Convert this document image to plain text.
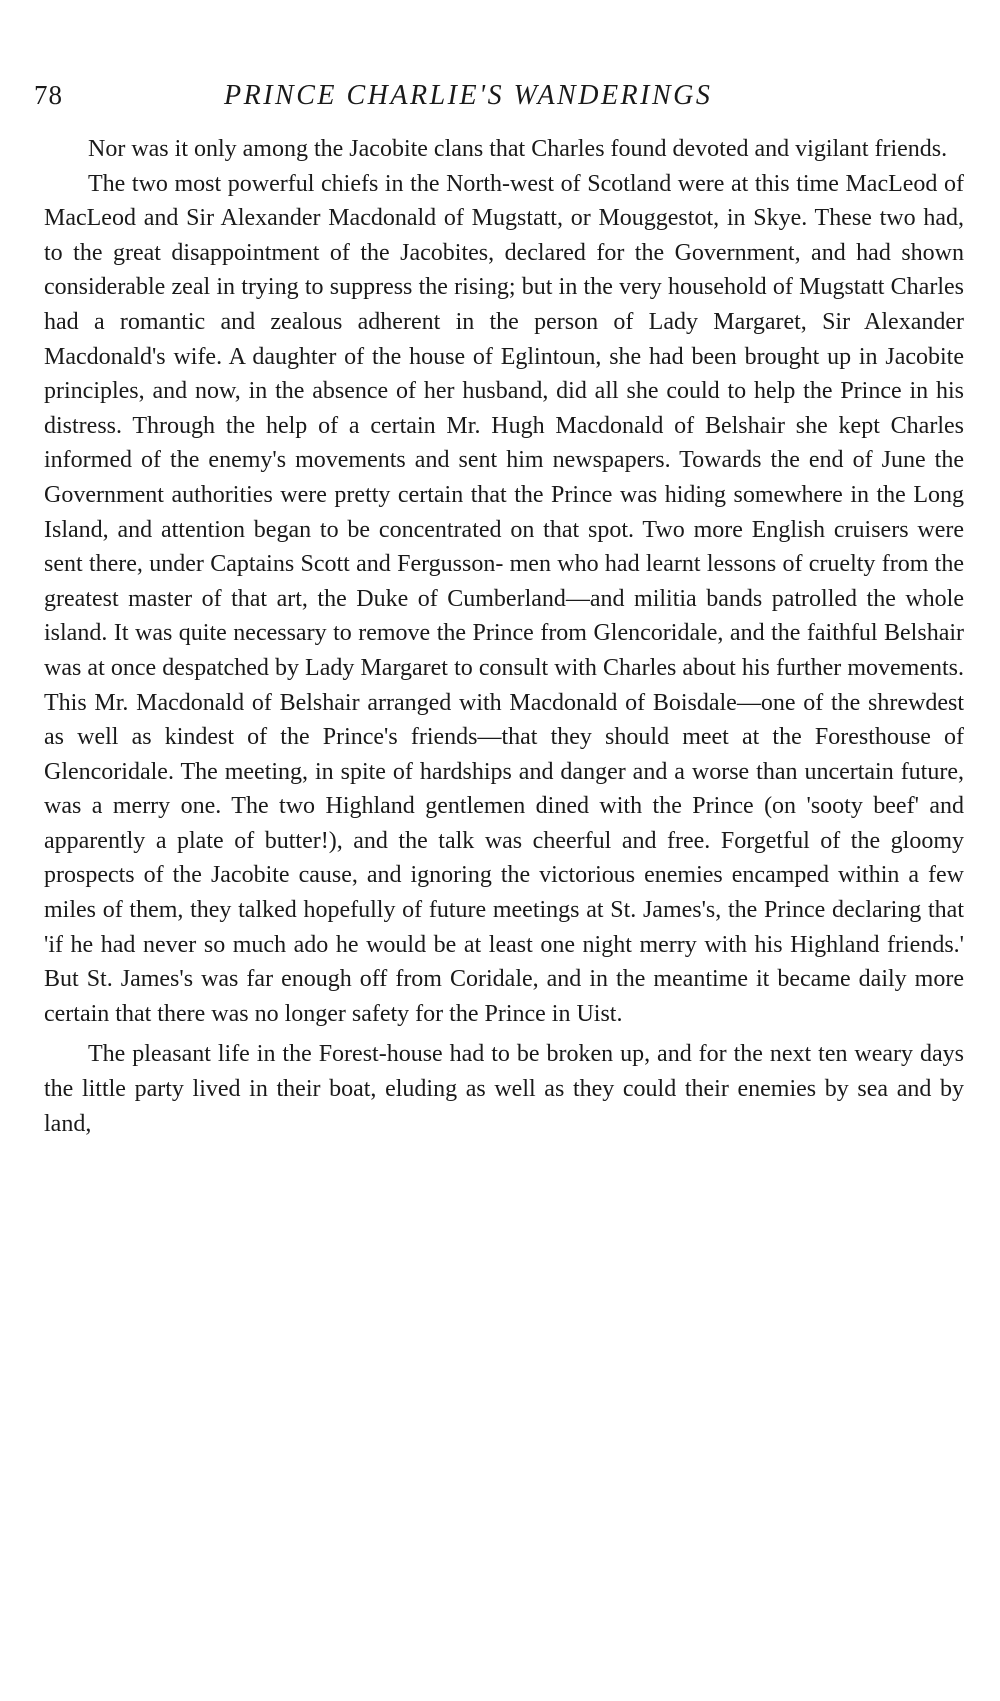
78	PRINCE CHARLIE'S WANDERINGS

Nor was it only among the Jacobite clans that Charles found devoted and vigilant friends.

The two most powerful chiefs in the North-west of Scotland were at this time MacLeod of MacLeod and Sir Alexander Macdonald of Mugstatt, or Mouggestot, in Skye. These two had, to the great disappointment of the Jacobites, declared for the Government, and had shown considerable zeal in trying to suppress the rising; but in the very household of Mugstatt Charles had a romantic and zealous adherent in the person of Lady Margaret, Sir Alexander Macdonald's wife. A daughter of the house of Eglintoun, she had been brought up in Jacobite principles, and now, in the absence of her husband, did all she could to help the Prince in his distress. Through the help of a certain Mr. Hugh Macdonald of Belshair she kept Charles informed of the enemy's movements and sent him newspapers. Towards the end of June the Government authorities were pretty certain that the Prince was hiding somewhere in the Long Island, and attention began to be concentrated on that spot. Two more English cruisers were sent there, under Captains Scott and Fergusson- men who had learnt lessons of cruelty from the greatest master of that art, the Duke of Cumberland—and militia bands patrolled the whole island. It was quite necessary to remove the Prince from Glencoridale, and the faithful Belshair was at once despatched by Lady Margaret to consult with Charles about his further movements. This Mr. Macdonald of Belshair arranged with Macdonald of Boisdale—one of the shrewdest as well as kindest of the Prince's friends—that they should meet at the Foresthouse of Glencoridale. The meeting, in spite of hardships and danger and a worse than uncertain future, was a merry one. The two Highland gentlemen dined with the Prince (on 'sooty beef' and apparently a plate of butter!), and the talk was cheerful and free. Forgetful of the gloomy prospects of the Jacobite cause, and ignoring the victorious enemies encamped within a few miles of them, they talked hopefully of future meetings at St. James's, the Prince declaring that 'if he had never so much ado he would be at least one night merry with his Highland friends.' But St. James's was far enough off from Coridale, and in the meantime it became daily more certain that there was no longer safety for the Prince in Uist.

The pleasant life in the Forest-house had to be broken up, and for the next ten weary days the little party lived in their boat, eluding as well as they could their enemies by sea and by land,
